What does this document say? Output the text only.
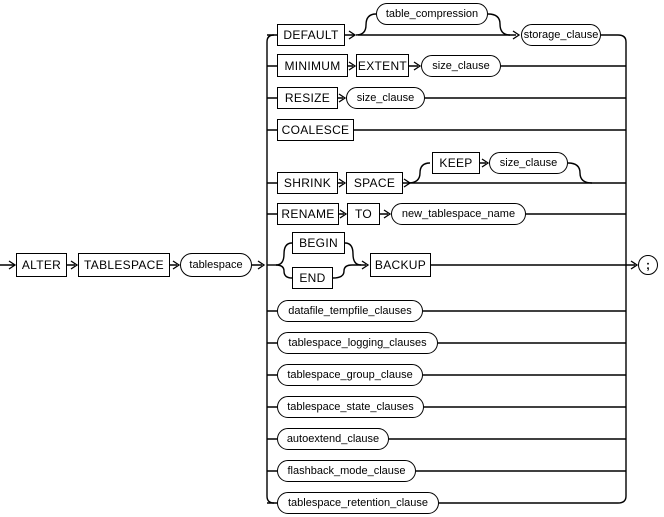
ALTER	TABLESPACE	tablespace
DEFAULT
table_compression
storage_clause
MINIMUM	EXTENT	size_clause
RESIZE	size_clause
COALESCE
SHRINK	SPACE
KEEP	size_clause
RENAME	TO	new_tablespace_name
BEGIN
END
BACKUP
datafile_tempfile_clauses
tablespace_logging_clauses
tablespace_group_clause
tablespace_state_clauses
autoextend_clause
flashback_mode_clause
tablespace_retention_clause
;
